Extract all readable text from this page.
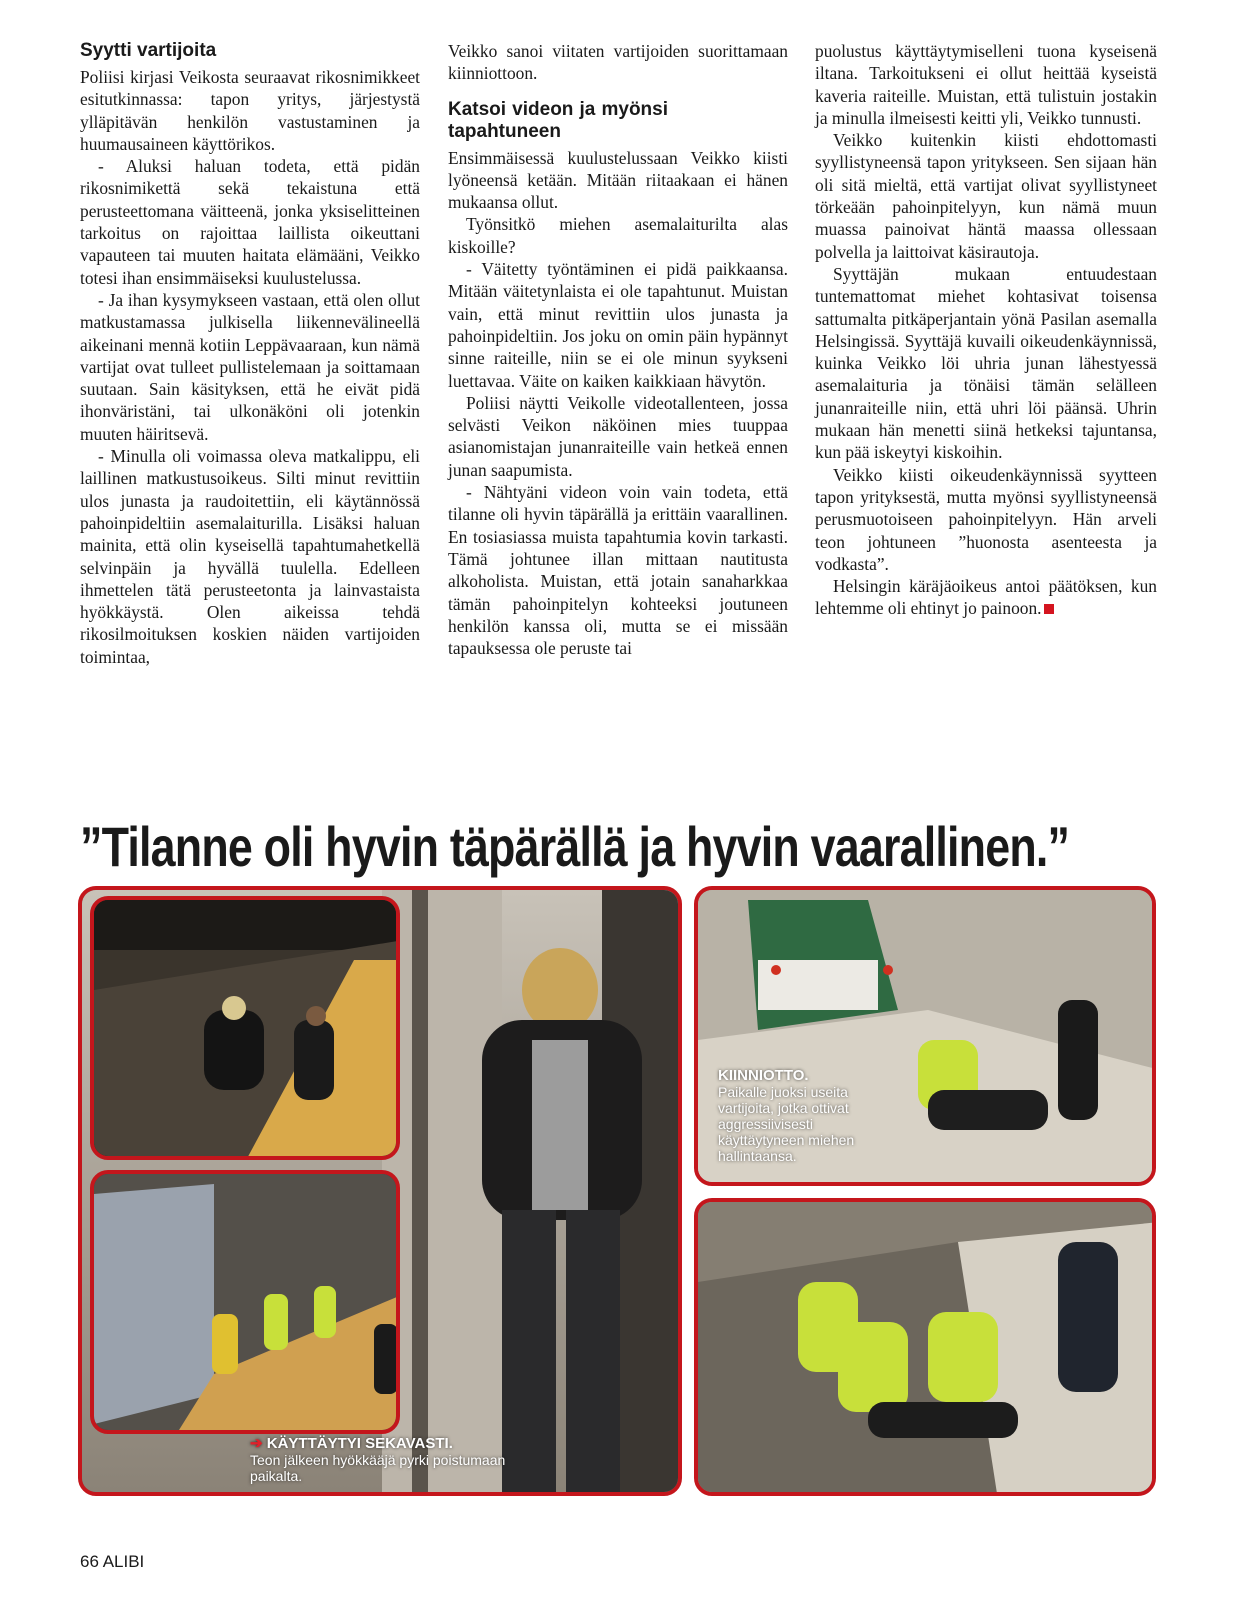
Syytti vartijoita

Poliisi kirjasi Veikosta seuraavat rikosnimikkeet esitutkinnassa: tapon yritys, järjestystä ylläpitävän henkilön vastustaminen ja huumausaineen käyttörikos.

- Aluksi haluan todeta, että pidän rikosnimikettä sekä tekaistuna että perusteettomana väitteenä, jonka yksiselitteinen tarkoitus on rajoittaa laillista oikeuttani vapauteen tai muuten haitata elämääni, Veikko totesi ihan ensimmäiseksi kuulustelussa.

- Ja ihan kysymykseen vastaan, että olen ollut matkustamassa julkisella liikennevälineellä aikeinani mennä kotiin Leppävaaraan, kun nämä vartijat ovat tulleet pullistelemaan ja soittamaan suutaan. Sain käsityksen, että he eivät pidä ihonväristäni, tai ulkonäköni oli jotenkin muuten häiritsevä.

- Minulla oli voimassa oleva matkalippu, eli laillinen matkustusoikeus. Silti minut revittiin ulos junasta ja raudoitettiin, eli käytännössä pahoinpideltiin asemalaiturilla. Lisäksi haluan mainita, että olin kyseisellä tapahtumahetkellä selvinpäin ja hyvällä tuulella. Edelleen ihmettelen tätä perusteetonta ja lainvastaista hyökkäystä. Olen aikeissa tehdä rikosilmoituksen koskien näiden vartijoiden toimintaa,

Veikko sanoi viitaten vartijoiden suorittamaan kiinniottoon.

Katsoi videon ja myönsi tapahtuneen

Ensimmäisessä kuulustelussaan Veikko kiisti lyöneensä ketään. Mitään riitaakaan ei hänen mukaansa ollut.

Työnsitkö miehen asemalaiturilta alas kiskoille?

- Väitetty työntäminen ei pidä paikkaansa. Mitään väitetynlaista ei ole tapahtunut. Muistan vain, että minut revittiin ulos junasta ja pahoinpideltiin. Jos joku on omin päin hypännyt sinne raiteille, niin se ei ole minun syykseni luettavaa. Väite on kaiken kaikkiaan hävytön.

Poliisi näytti Veikolle videotallenteen, jossa selvästi Veikon näköinen mies tuuppaa asianomistajan junanraiteille vain hetkeä ennen junan saapumista.

- Nähtyäni videon voin vain todeta, että tilanne oli hyvin täpärällä ja erittäin vaarallinen. En tosiasiassa muista tapahtumia kovin tarkasti. Tämä johtunee illan mittaan nautitusta alkoholista. Muistan, että jotain sanaharkkaa tämän pahoinpitelyn kohteeksi joutuneen henkilön kanssa oli, mutta se ei missään tapauksessa ole peruste tai

puolustus käyttäytymiselleni tuona kyseisenä iltana. Tarkoitukseni ei ollut heittää kyseistä kaveria raiteille. Muistan, että tulistuin jostakin ja minulla ilmeisesti keitti yli, Veikko tunnusti.

Veikko kuitenkin kiisti ehdottomasti syyllistyneensä tapon yritykseen. Sen sijaan hän oli sitä mieltä, että vartijat olivat syyllistyneet törkeään pahoinpitelyyn, kun nämä muun muassa painoivat häntä maassa ollessaan polvella ja laittoivat käsirautoja.

Syyttäjän mukaan entuudestaan tuntemattomat miehet kohtasivat toisensa sattumalta pitkäperjantain yönä Pasilan asemalla Helsingissä. Syyttäjä kuvaili oikeudenkäynnissä, kuinka Veikko löi uhria junan lähestyessä asemalaituria ja tönäisi tämän selälleen junanraiteille niin, että uhri löi päänsä. Uhrin mukaan hän menetti siinä hetkeksi tajuntansa, kun pää iskeytyi kiskoihin.

Veikko kiisti oikeudenkäynnissä syytteen tapon yrityksestä, mutta myönsi syyllistyneensä perusmuotoiseen pahoinpitelyyn. Hän arveli teon johtuneen ”huonosta asenteesta ja vodkasta”.

Helsingin käräjäoikeus antoi päätöksen, kun lehtemme oli ehtinyt jo painoon.

”Tilanne oli hyvin täpärällä ja hyvin vaarallinen.”
➔ KÄYTTÄYTYI SEKAVASTI.
Teon jälkeen hyökkääjä pyrki poistumaan paikalta.
KIINNIOTTO.
Paikalle juoksi useita vartijoita, jotka ottivat aggressiivisesti käyttäytyneen miehen hallintaansa.
66 ALIBI
